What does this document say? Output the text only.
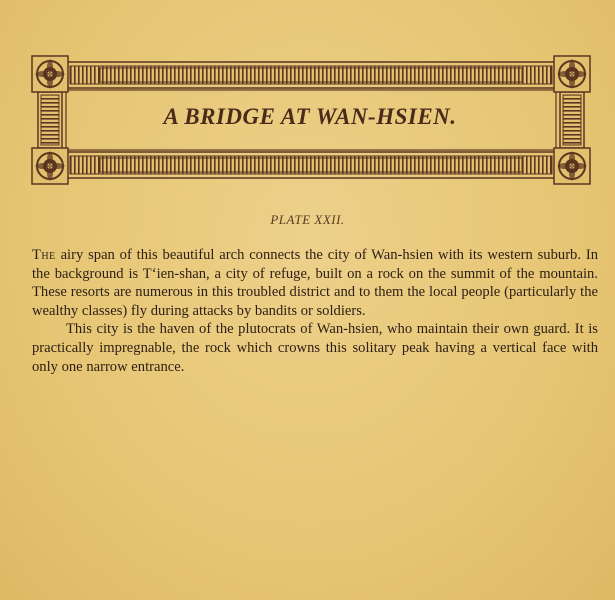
A BRIDGE AT WAN-HSIEN.

PLATE XXII.

The airy span of this beautiful arch connects the city of Wan-hsien with its western suburb. In the background is T‘ien-shan, a city of refuge, built on a rock on the summit of the mountain. These resorts are numerous in this troubled district and to them the local people (particularly the wealthy classes) fly during attacks by bandits or soldiers.

This city is the haven of the plutocrats of Wan-hsien, who maintain their own guard. It is practically impregnable, the rock which crowns this solitary peak having a vertical face with only one narrow entrance.
